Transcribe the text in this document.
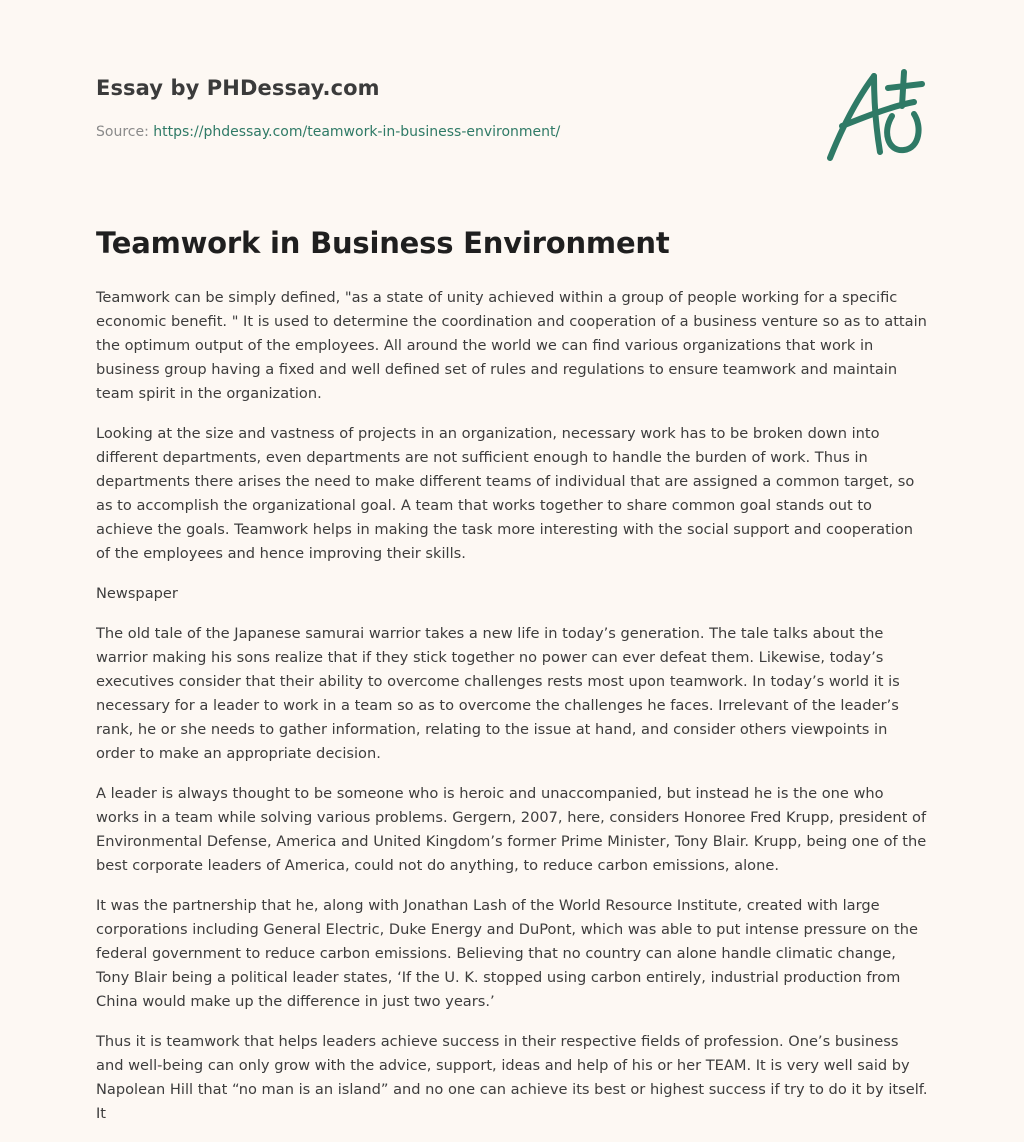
Essay by PHDessay.com
Source: https://phdessay.com/teamwork-in-business-environment/
Teamwork in Business Environment

Teamwork can be simply defined, "as a state of unity achieved within a group of people working for a specific economic benefit. " It is used to determine the coordination and cooperation of a business venture so as to attain the optimum output of the employees. All around the world we can find various organizations that work in business group having a fixed and well defined set of rules and regulations to ensure teamwork and maintain team spirit in the organization.

Looking at the size and vastness of projects in an organization, necessary work has to be broken down into different departments, even departments are not sufficient enough to handle the burden of work. Thus in departments there arises the need to make different teams of individual that are assigned a common target, so as to accomplish the organizational goal. A team that works together to share common goal stands out to achieve the goals. Teamwork helps in making the task more interesting with the social support and cooperation of the employees and hence improving their skills.

Newspaper

The old tale of the Japanese samurai warrior takes a new life in today’s generation. The tale talks about the warrior making his sons realize that if they stick together no power can ever defeat them. Likewise, today’s executives consider that their ability to overcome challenges rests most upon teamwork. In today’s world it is necessary for a leader to work in a team so as to overcome the challenges he faces. Irrelevant of the leader’s rank, he or she needs to gather information, relating to the issue at hand, and consider others viewpoints in order to make an appropriate decision.

A leader is always thought to be someone who is heroic and unaccompanied, but instead he is the one who works in a team while solving various problems. Gergern, 2007, here, considers Honoree Fred Krupp, president of Environmental Defense, America and United Kingdom’s former Prime Minister, Tony Blair. Krupp, being one of the best corporate leaders of America, could not do anything, to reduce carbon emissions, alone.

It was the partnership that he, along with Jonathan Lash of the World Resource Institute, created with large corporations including General Electric, Duke Energy and DuPont, which was able to put intense pressure on the federal government to reduce carbon emissions. Believing that no country can alone handle climatic change, Tony Blair being a political leader states, ‘If the U. K. stopped using carbon entirely, industrial production from China would make up the difference in just two years.’

Thus it is teamwork that helps leaders achieve success in their respective fields of profession. One’s business and well-being can only grow with the advice, support, ideas and help of his or her TEAM. It is very well said by Napolean Hill that “no man is an island” and no one can achieve its best or highest success if try to do it by itself. It
